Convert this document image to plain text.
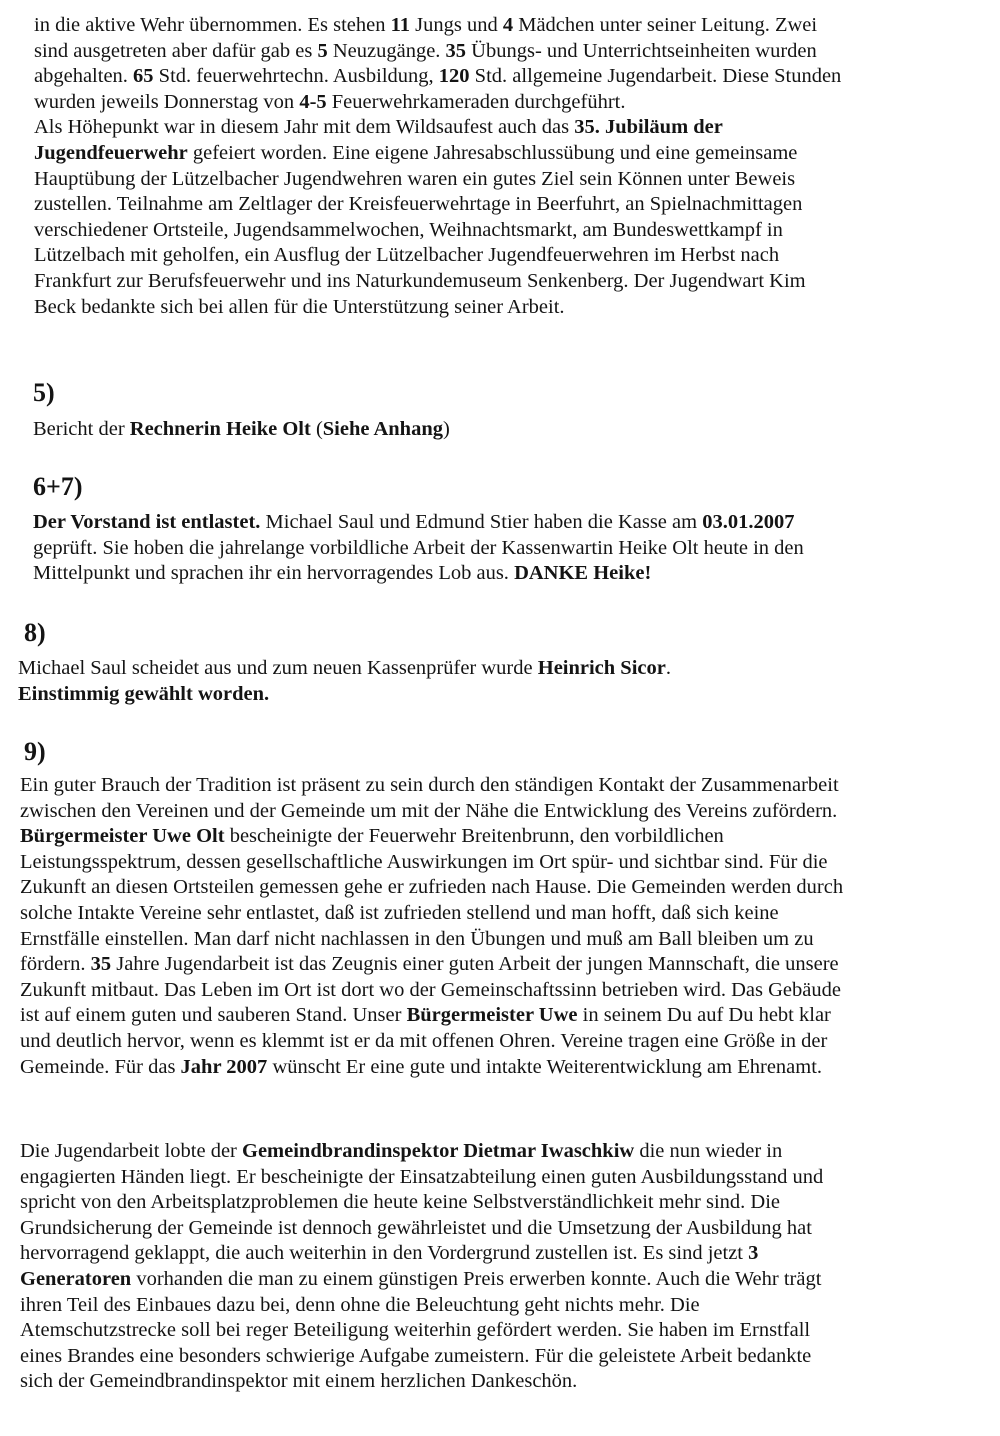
in die aktive Wehr übernommen. Es stehen 11 Jungs und 4 Mädchen unter seiner Leitung. Zwei
sind ausgetreten aber dafür gab es 5 Neuzugänge. 35 Übungs- und Unterrichtseinheiten wurden
abgehalten. 65 Std. feuerwehrtechn. Ausbildung, 120 Std. allgemeine Jugendarbeit. Diese Stunden
wurden jeweils Donnerstag von 4-5 Feuerwehrkameraden durchgeführt.
Als Höhepunkt war in diesem Jahr mit dem Wildsaufest auch das 35. Jubiläum der
Jugendfeuerwehr gefeiert worden. Eine eigene Jahresabschlussübung und eine gemeinsame
Hauptübung der Lützelbacher Jugendwehren waren ein gutes Ziel sein Können unter Beweis
zustellen. Teilnahme am Zeltlager der Kreisfeuerwehrtage in Beerfuhrt, an Spielnachmittagen
verschiedener Ortsteile, Jugendsammelwochen, Weihnachtsmarkt, am Bundeswettkampf in
Lützelbach mit geholfen, ein Ausflug der Lützelbacher Jugendfeuerwehren im Herbst nach
Frankfurt zur Berufsfeuerwehr und ins Naturkundemuseum Senkenberg. Der Jugendwart Kim
Beck bedankte sich bei allen für die Unterstützung seiner Arbeit.
5)
Bericht der Rechnerin Heike Olt (Siehe Anhang)
6+7)
Der Vorstand ist entlastet. Michael Saul und Edmund Stier haben die Kasse am 03.01.2007
geprüft. Sie hoben die jahrelange vorbildliche Arbeit der Kassenwartin Heike Olt heute in den
Mittelpunkt und sprachen ihr ein hervorragendes Lob aus. DANKE Heike!
8)
Michael Saul scheidet aus und zum neuen Kassenprüfer wurde Heinrich Sicor.
Einstimmig gewählt worden.
9)
Ein guter Brauch der Tradition ist präsent zu sein durch den ständigen Kontakt der Zusammenarbeit
zwischen den Vereinen und der Gemeinde um mit der Nähe die Entwicklung des Vereins zufördern.
Bürgermeister Uwe Olt bescheinigte der Feuerwehr Breitenbrunn, den vorbildlichen
Leistungsspektrum, dessen gesellschaftliche Auswirkungen im Ort spür- und sichtbar sind. Für die
Zukunft an diesen Ortsteilen gemessen gehe er zufrieden nach Hause. Die Gemeinden werden durch
solche Intakte Vereine sehr entlastet, daß ist zufrieden stellend und man hofft, daß sich keine
Ernstfälle einstellen. Man darf nicht nachlassen in den Übungen und muß am Ball bleiben um zu
fördern. 35 Jahre Jugendarbeit ist das Zeugnis einer guten Arbeit der jungen Mannschaft, die unsere
Zukunft mitbaut. Das Leben im Ort ist dort wo der Gemeinschaftssinn betrieben wird. Das Gebäude
ist auf einem guten und sauberen Stand. Unser Bürgermeister Uwe in seinem Du auf Du hebt klar
und deutlich hervor, wenn es klemmt ist er da mit offenen Ohren. Vereine tragen eine Größe in der
Gemeinde. Für das Jahr 2007 wünscht Er eine gute und intakte Weiterentwicklung am Ehrenamt.
Die Jugendarbeit lobte der Gemeindbrandinspektor Dietmar Iwaschkiw die nun wieder in
engagierten Händen liegt. Er bescheinigte der Einsatzabteilung einen guten Ausbildungsstand und
spricht von den Arbeitsplatzproblemen die heute keine Selbstverständlichkeit mehr sind. Die
Grundsicherung der Gemeinde ist dennoch gewährleistet und die Umsetzung der Ausbildung hat
hervorragend geklappt, die auch weiterhin in den Vordergrund zustellen ist. Es sind jetzt 3
Generatoren vorhanden die man zu einem günstigen Preis erwerben konnte. Auch die Wehr trägt
ihren Teil des Einbaues dazu bei, denn ohne die Beleuchtung geht nichts mehr. Die
Atemschutzstrecke soll bei reger Beteiligung weiterhin gefördert werden. Sie haben im Ernstfall
eines Brandes eine besonders schwierige Aufgabe zumeistern. Für die geleistete Arbeit bedankte
sich der Gemeindbrandinspektor mit einem herzlichen Dankeschön.
